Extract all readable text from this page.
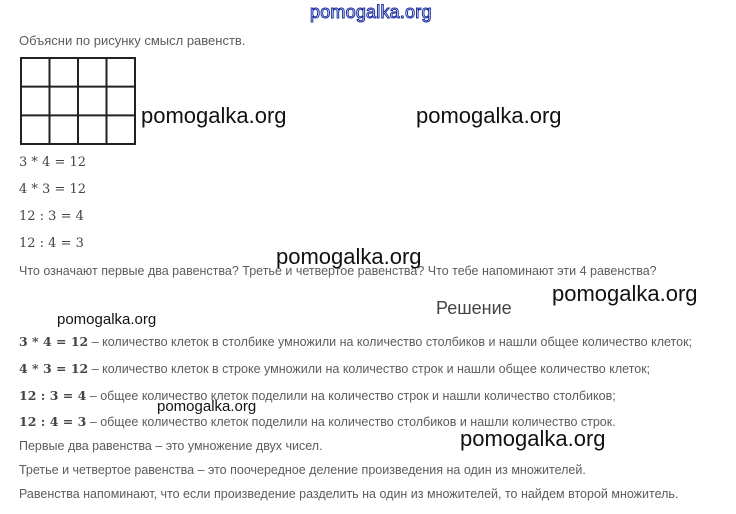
pomogalka.org
Объясни по рисунку смысл равенств.
pomogalka.org	pomogalka.org
3 * 4 = 12
4 * 3 = 12
12 : 3 = 4
12 : 4 = 3
pomogalka.org
Что означают первые два равенства? Третье и четвертое равенства? Что тебе напоминают эти 4 равенства?
Решение
pomogalka.org
pomogalka.org
3 * 4 = 12 – количество клеток в столбике умножили на количество столбиков и нашли общее количество клеток;
4 * 3 = 12 – количество клеток в строке умножили на количество строк и нашли общее количество клеток;
12 : 3 = 4 – общее количество клеток поделили на количество строк и нашли количество столбиков;
pomogalka.org
12 : 4 = 3 – общее количество клеток поделили на количество столбиков и нашли количество строк.
Первые два равенства – это умножение двух чисел.	pomogalka.org
Третье и четвертое равенства – это поочередное деление произведения на один из множителей.
Равенства напоминают, что если произведение разделить на один из множителей, то найдем второй множитель.
